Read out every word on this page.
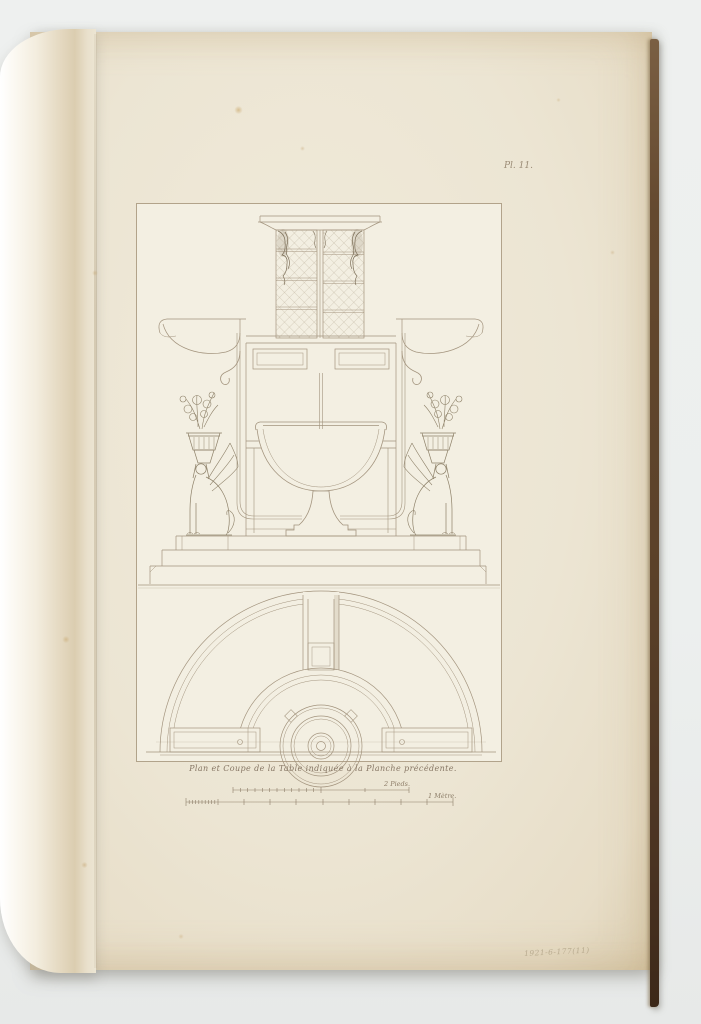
Pl. 11.
Plan et Coupe de la Table indiquée à la Planche précédente.
2 Pieds.
1 Mètre.
1921-6-177(11)
